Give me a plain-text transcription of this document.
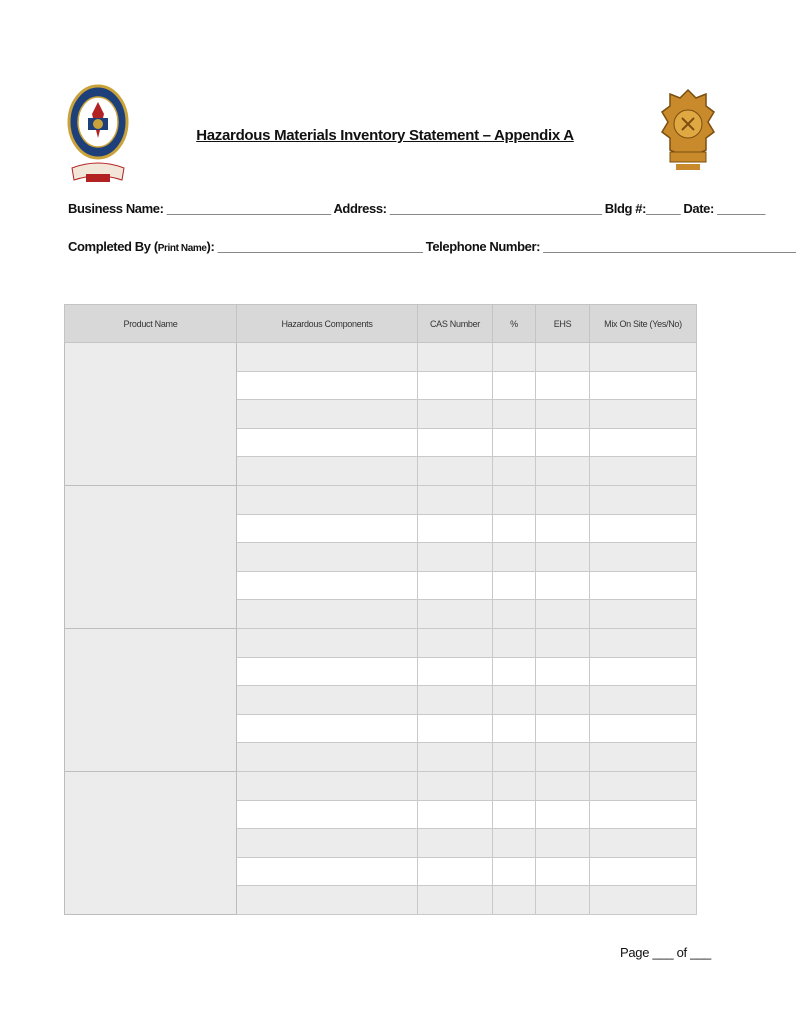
Hazardous Materials Inventory Statement – Appendix A
Business Name: ________________________ Address: _______________________________ Bldg #:_____ Date: _______
Completed By (Print Name): ______________________________ Telephone Number: _____________________________________
Product Name	Hazardous Components	CAS Number	%	EHS	Mix On Site (Yes/No)

Page ___ of ___
